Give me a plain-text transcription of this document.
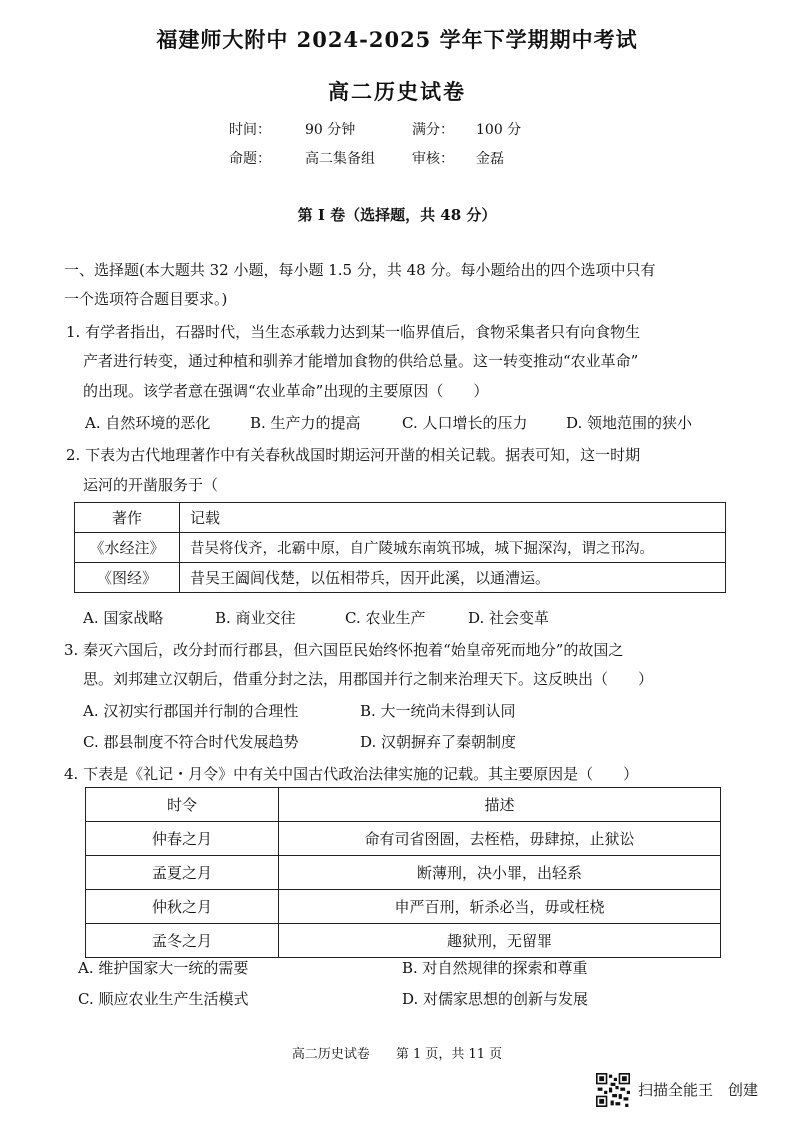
福建师大附中 2024-2025 学年下学期期中考试
高二历史试卷
时间： 90 分钟	满分： 100 分
命题： 高二集备组	审核： 金磊
第 I 卷（选择题，共 48 分）
一、选择题(本大题共 32 小题，每小题 1.5 分，共 48 分。每小题给出的四个选项中只有
一个选项符合题目要求。)
1. 有学者指出，石器时代，当生态承载力达到某一临界值后，食物采集者只有向食物生
产者进行转变，通过种植和驯养才能增加食物的供给总量。这一转变推动“农业革命”
的出现。该学者意在强调“农业革命”出现的主要原因（　　）
A. 自然环境的恶化	B. 生产力的提高	C. 人口增长的压力	D. 领地范围的狭小
2. 下表为古代地理著作中有关春秋战国时期运河开凿的相关记载。据表可知，这一时期
运河的开凿服务于（
著作	记载
《水经注》	昔吴将伐齐，北霸中原，自广陵城东南筑邗城，城下掘深沟，谓之邗沟。
《图经》	昔吴王阖闾伐楚，以伍相带兵，因开此溪，以通漕运。
A. 国家战略	B. 商业交往	C. 农业生产	D. 社会变革
3. 秦灭六国后，改分封而行郡县，但六国臣民始终怀抱着“始皇帝死而地分”的故国之
思。刘邦建立汉朝后，借重分封之法，用郡国并行之制来治理天下。这反映出（　　）
A. 汉初实行郡国并行制的合理性	B. 大一统尚未得到认同
C. 郡县制度不符合时代发展趋势	D. 汉朝摒弃了秦朝制度
4. 下表是《礼记・月令》中有关中国古代政治法律实施的记载。其主要原因是（　　）
时令	描述
仲春之月	命有司省囹圄，去桎梏，毋肆掠，止狱讼
孟夏之月	断薄刑，决小罪，出轻系
仲秋之月	申严百刑，斩杀必当，毋或枉桡
孟冬之月	趣狱刑，无留罪
A. 维护国家大一统的需要	B. 对自然规律的探索和尊重
C. 顺应农业生产生活模式	D. 对儒家思想的创新与发展
高二历史试卷　　第 1 页，共 11 页
扫描全能王　创建
